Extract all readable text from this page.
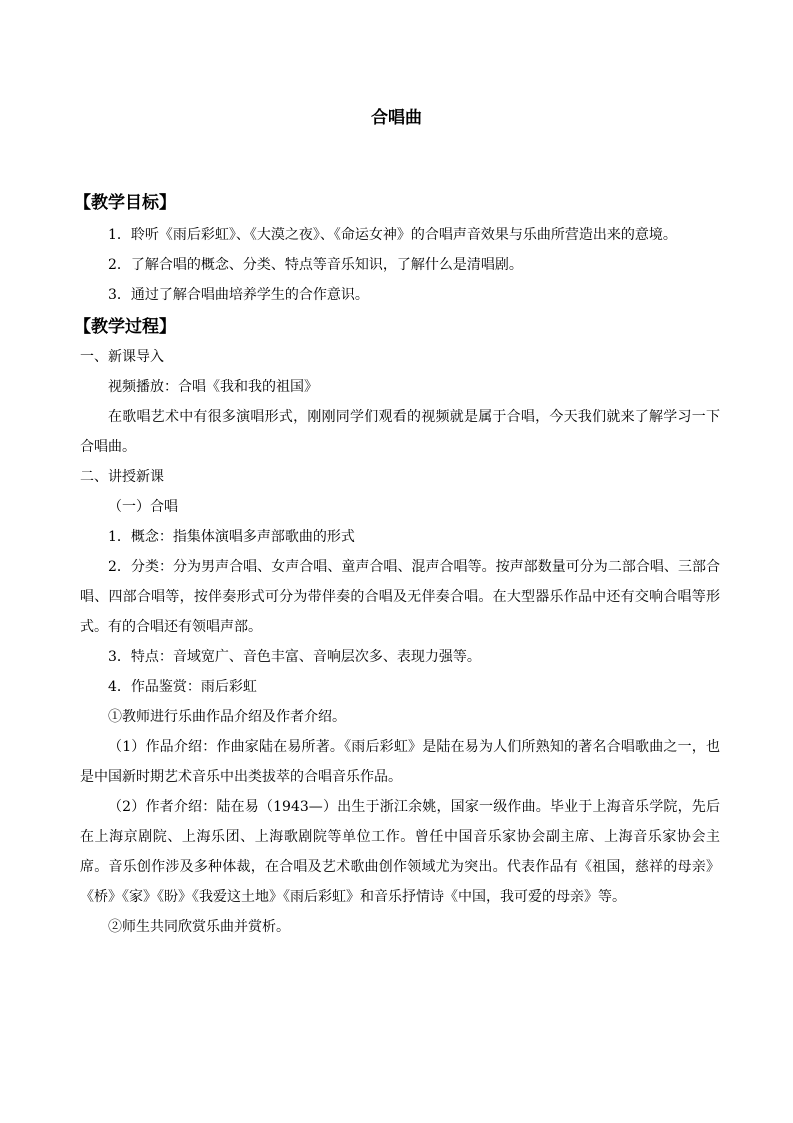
合唱曲
【教学目标】

1．聆听《雨后彩虹》、《大漠之夜》、《命运女神》的合唱声音效果与乐曲所营造出来的意境。

2．了解合唱的概念、分类、特点等音乐知识，了解什么是清唱剧。

3．通过了解合唱曲培养学生的合作意识。

【教学过程】

一、新课导入

视频播放：合唱《我和我的祖国》

在歌唱艺术中有很多演唱形式，刚刚同学们观看的视频就是属于合唱，今天我们就来了解学习一下合唱曲。

二、讲授新课

（一）合唱

1．概念：指集体演唱多声部歌曲的形式

2．分类：分为男声合唱、女声合唱、童声合唱、混声合唱等。按声部数量可分为二部合唱、三部合唱、四部合唱等，按伴奏形式可分为带伴奏的合唱及无伴奏合唱。在大型器乐作品中还有交响合唱等形式。有的合唱还有领唱声部。

3．特点：音域宽广、音色丰富、音响层次多、表现力强等。

4．作品鉴赏：雨后彩虹

①教师进行乐曲作品介绍及作者介绍。

（1）作品介绍：作曲家陆在易所著。《雨后彩虹》是陆在易为人们所熟知的著名合唱歌曲之一，也是中国新时期艺术音乐中出类拔萃的合唱音乐作品。

（2）作者介绍：陆在易（1943—）出生于浙江余姚，国家一级作曲。毕业于上海音乐学院，先后在上海京剧院、上海乐团、上海歌剧院等单位工作。曾任中国音乐家协会副主席、上海音乐家协会主席。音乐创作涉及多种体裁，在合唱及艺术歌曲创作领域尤为突出。代表作品有《祖国，慈祥的母亲》《桥》《家》《盼》《我爱这土地》《雨后彩虹》和音乐抒情诗《中国，我可爱的母亲》等。

②师生共同欣赏乐曲并赏析。
